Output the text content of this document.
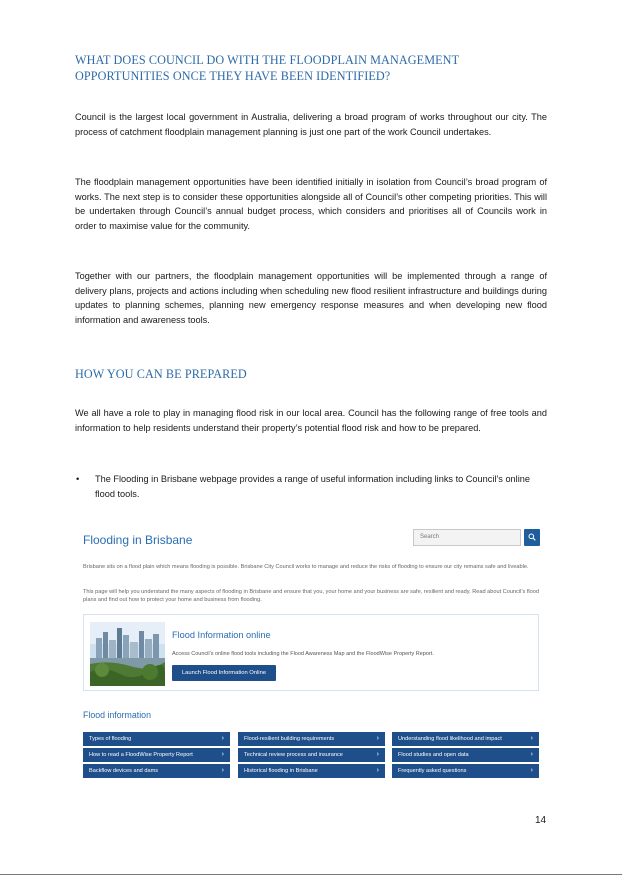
WHAT DOES COUNCIL DO WITH THE FLOODPLAIN MANAGEMENT OPPORTUNITIES ONCE THEY HAVE BEEN IDENTIFIED?
Council is the largest local government in Australia, delivering a broad program of works throughout our city. The process of catchment floodplain management planning is just one part of the work Council undertakes.
The floodplain management opportunities have been identified initially in isolation from Council’s broad program of works. The next step is to consider these opportunities alongside all of Council’s other competing priorities. This will be undertaken through Council’s annual budget process, which considers and prioritises all of Councils work in order to maximise value for the community.
Together with our partners, the floodplain management opportunities will be implemented through a range of delivery plans, projects and actions including when scheduling new flood resilient infrastructure and buildings during updates to planning schemes, planning new emergency response measures and when developing new flood information and awareness tools.
HOW YOU CAN BE PREPARED
We all have a role to play in managing flood risk in our local area. Council has the following range of free tools and information to help residents understand their property’s potential flood risk and how to be prepared.
• The Flooding in Brisbane webpage provides a range of useful information including links to Council’s online flood tools.
Flooding in Brisbane	Search
Brisbane sits on a flood plain which means flooding is possible. Brisbane City Council works to manage and reduce the risks of flooding to ensure our city remains safe and liveable.
This page will help you understand the many aspects of flooding in Brisbane and ensure that you, your home and your business are safe, resilient and ready. Read about Council’s flood plans and find out how to protect your home and business from flooding.
Flood Information online
Access Council’s online flood tools including the Flood Awareness Map and the FloodWise Property Report.
Launch Flood Information Online
Flood information
Types of flooding	›	Flood-resilient building requirements	›	Understanding flood likelihood and impact	›
How to read a FloodWise Property Report	›	Technical review process and insurance	›	Flood studies and open data	›
Backflow devices and dams	›	Historical flooding in Brisbane	›	Frequently asked questions	›
14
